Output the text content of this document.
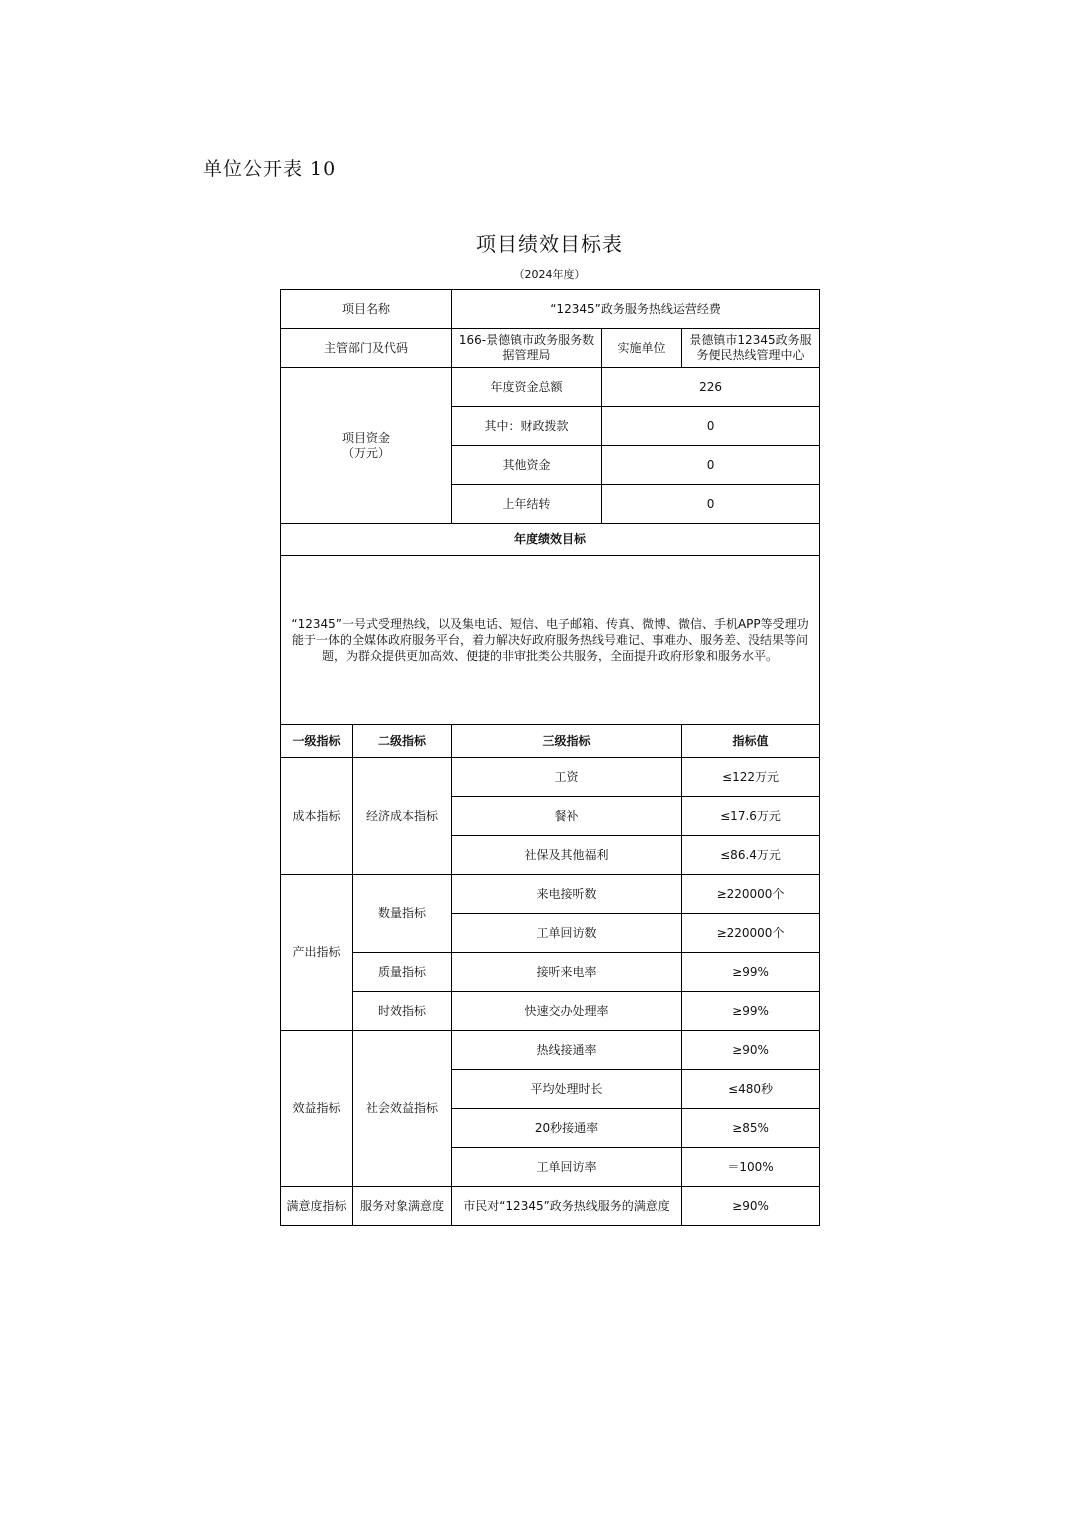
单位公开表 10
项目绩效目标表
（2024年度）
项目名称		“12345”政务服务热线运营经费		
主管部门及代码		166-景德镇市政务服务数据管理局	实施单位	景德镇市12345政务服务便民热线管理中心
项目资金
（万元）		年度资金总额	226	
		其中：财政拨款	0	
		其他资金	0	
		上年结转	0	
年度绩效目标				
“12345”一号式受理热线，以及集电话、短信、电子邮箱、传真、微博、微信、手机APP等受理功能于一体的全媒体政府服务平台，着力解决好政府服务热线号难记、事难办、服务差、没结果等问题，为群众提供更加高效、便捷的非审批类公共服务，全面提升政府形象和服务水平。				
一级指标	二级指标	三级指标		指标值
成本指标	经济成本指标	工资		≤122万元
		餐补		≤17.6万元
		社保及其他福利		≤86.4万元
产出指标	数量指标	来电接听数		≥220000个
		工单回访数		≥220000个
	质量指标	接听来电率		≥99%
	时效指标	快速交办处理率		≥99%
效益指标	社会效益指标	热线接通率		≥90%
		平均处理时长		≤480秒
		20秒接通率		≥85%
		工单回访率		＝100%
满意度指标	服务对象满意度	市民对“12345”政务热线服务的满意度		≥90%
